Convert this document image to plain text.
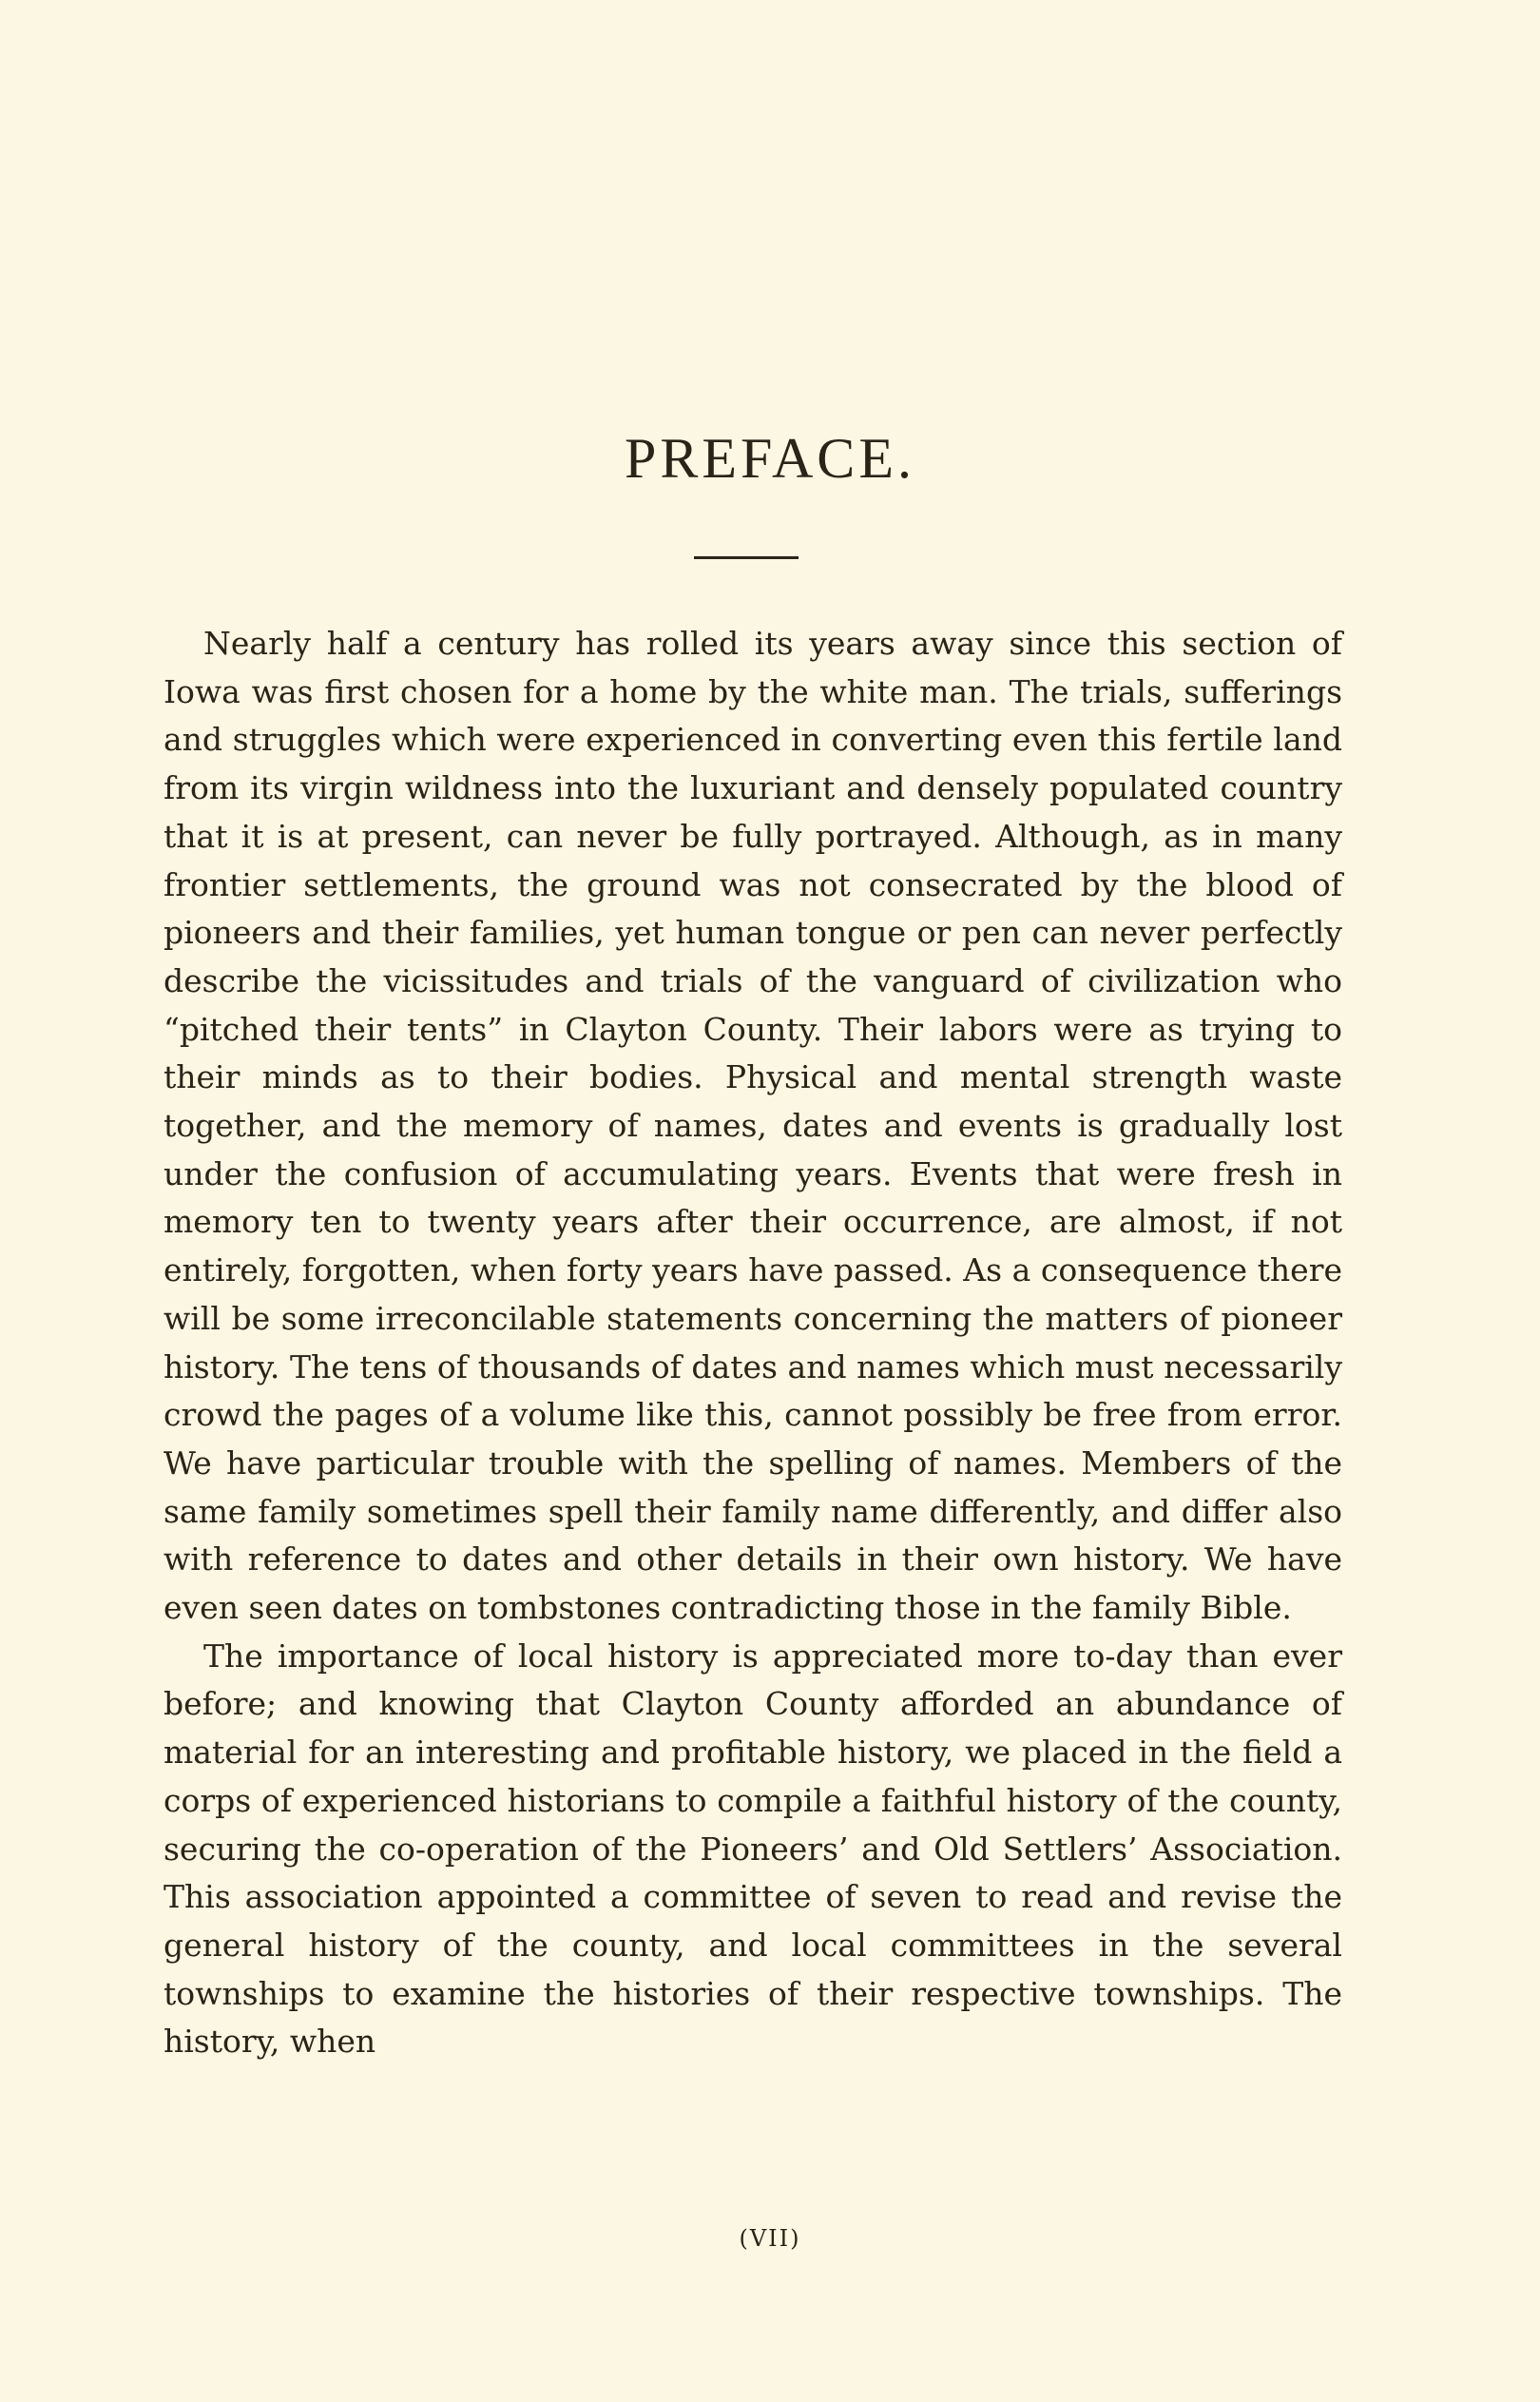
PREFACE.

Nearly half a century has rolled its years away since this section of Iowa was first chosen for a home by the white man. The trials, sufferings and struggles which were experienced in converting even this fertile land from its virgin wildness into the luxuriant and densely populated country that it is at present, can never be fully portrayed. Although, as in many frontier settlements, the ground was not consecrated by the blood of pioneers and their families, yet human tongue or pen can never perfectly describe the vicissitudes and trials of the vanguard of civilization who “pitched their tents” in Clayton County. Their labors were as trying to their minds as to their bodies. Physical and mental strength waste together, and the memory of names, dates and events is gradually lost under the confusion of accumulating years. Events that were fresh in memory ten to twenty years after their occurrence, are almost, if not entirely, forgotten, when forty years have passed. As a consequence there will be some irreconcilable statements concerning the matters of pioneer history. The tens of thousands of dates and names which must necessarily crowd the pages of a volume like this, cannot possibly be free from error. We have particular trouble with the spelling of names. Members of the same family sometimes spell their family name differently, and differ also with reference to dates and other details in their own history. We have even seen dates on tombstones contradicting those in the family Bible.

The importance of local history is appreciated more to-day than ever before; and knowing that Clayton County afforded an abundance of material for an interesting and profitable history, we placed in the field a corps of experienced historians to compile a faithful history of the county, securing the co-operation of the Pioneers’ and Old Settlers’ Association. This association appointed a committee of seven to read and revise the general history of the county, and local committees in the several townships to examine the histories of their respective townships. The history, when

(VII)
